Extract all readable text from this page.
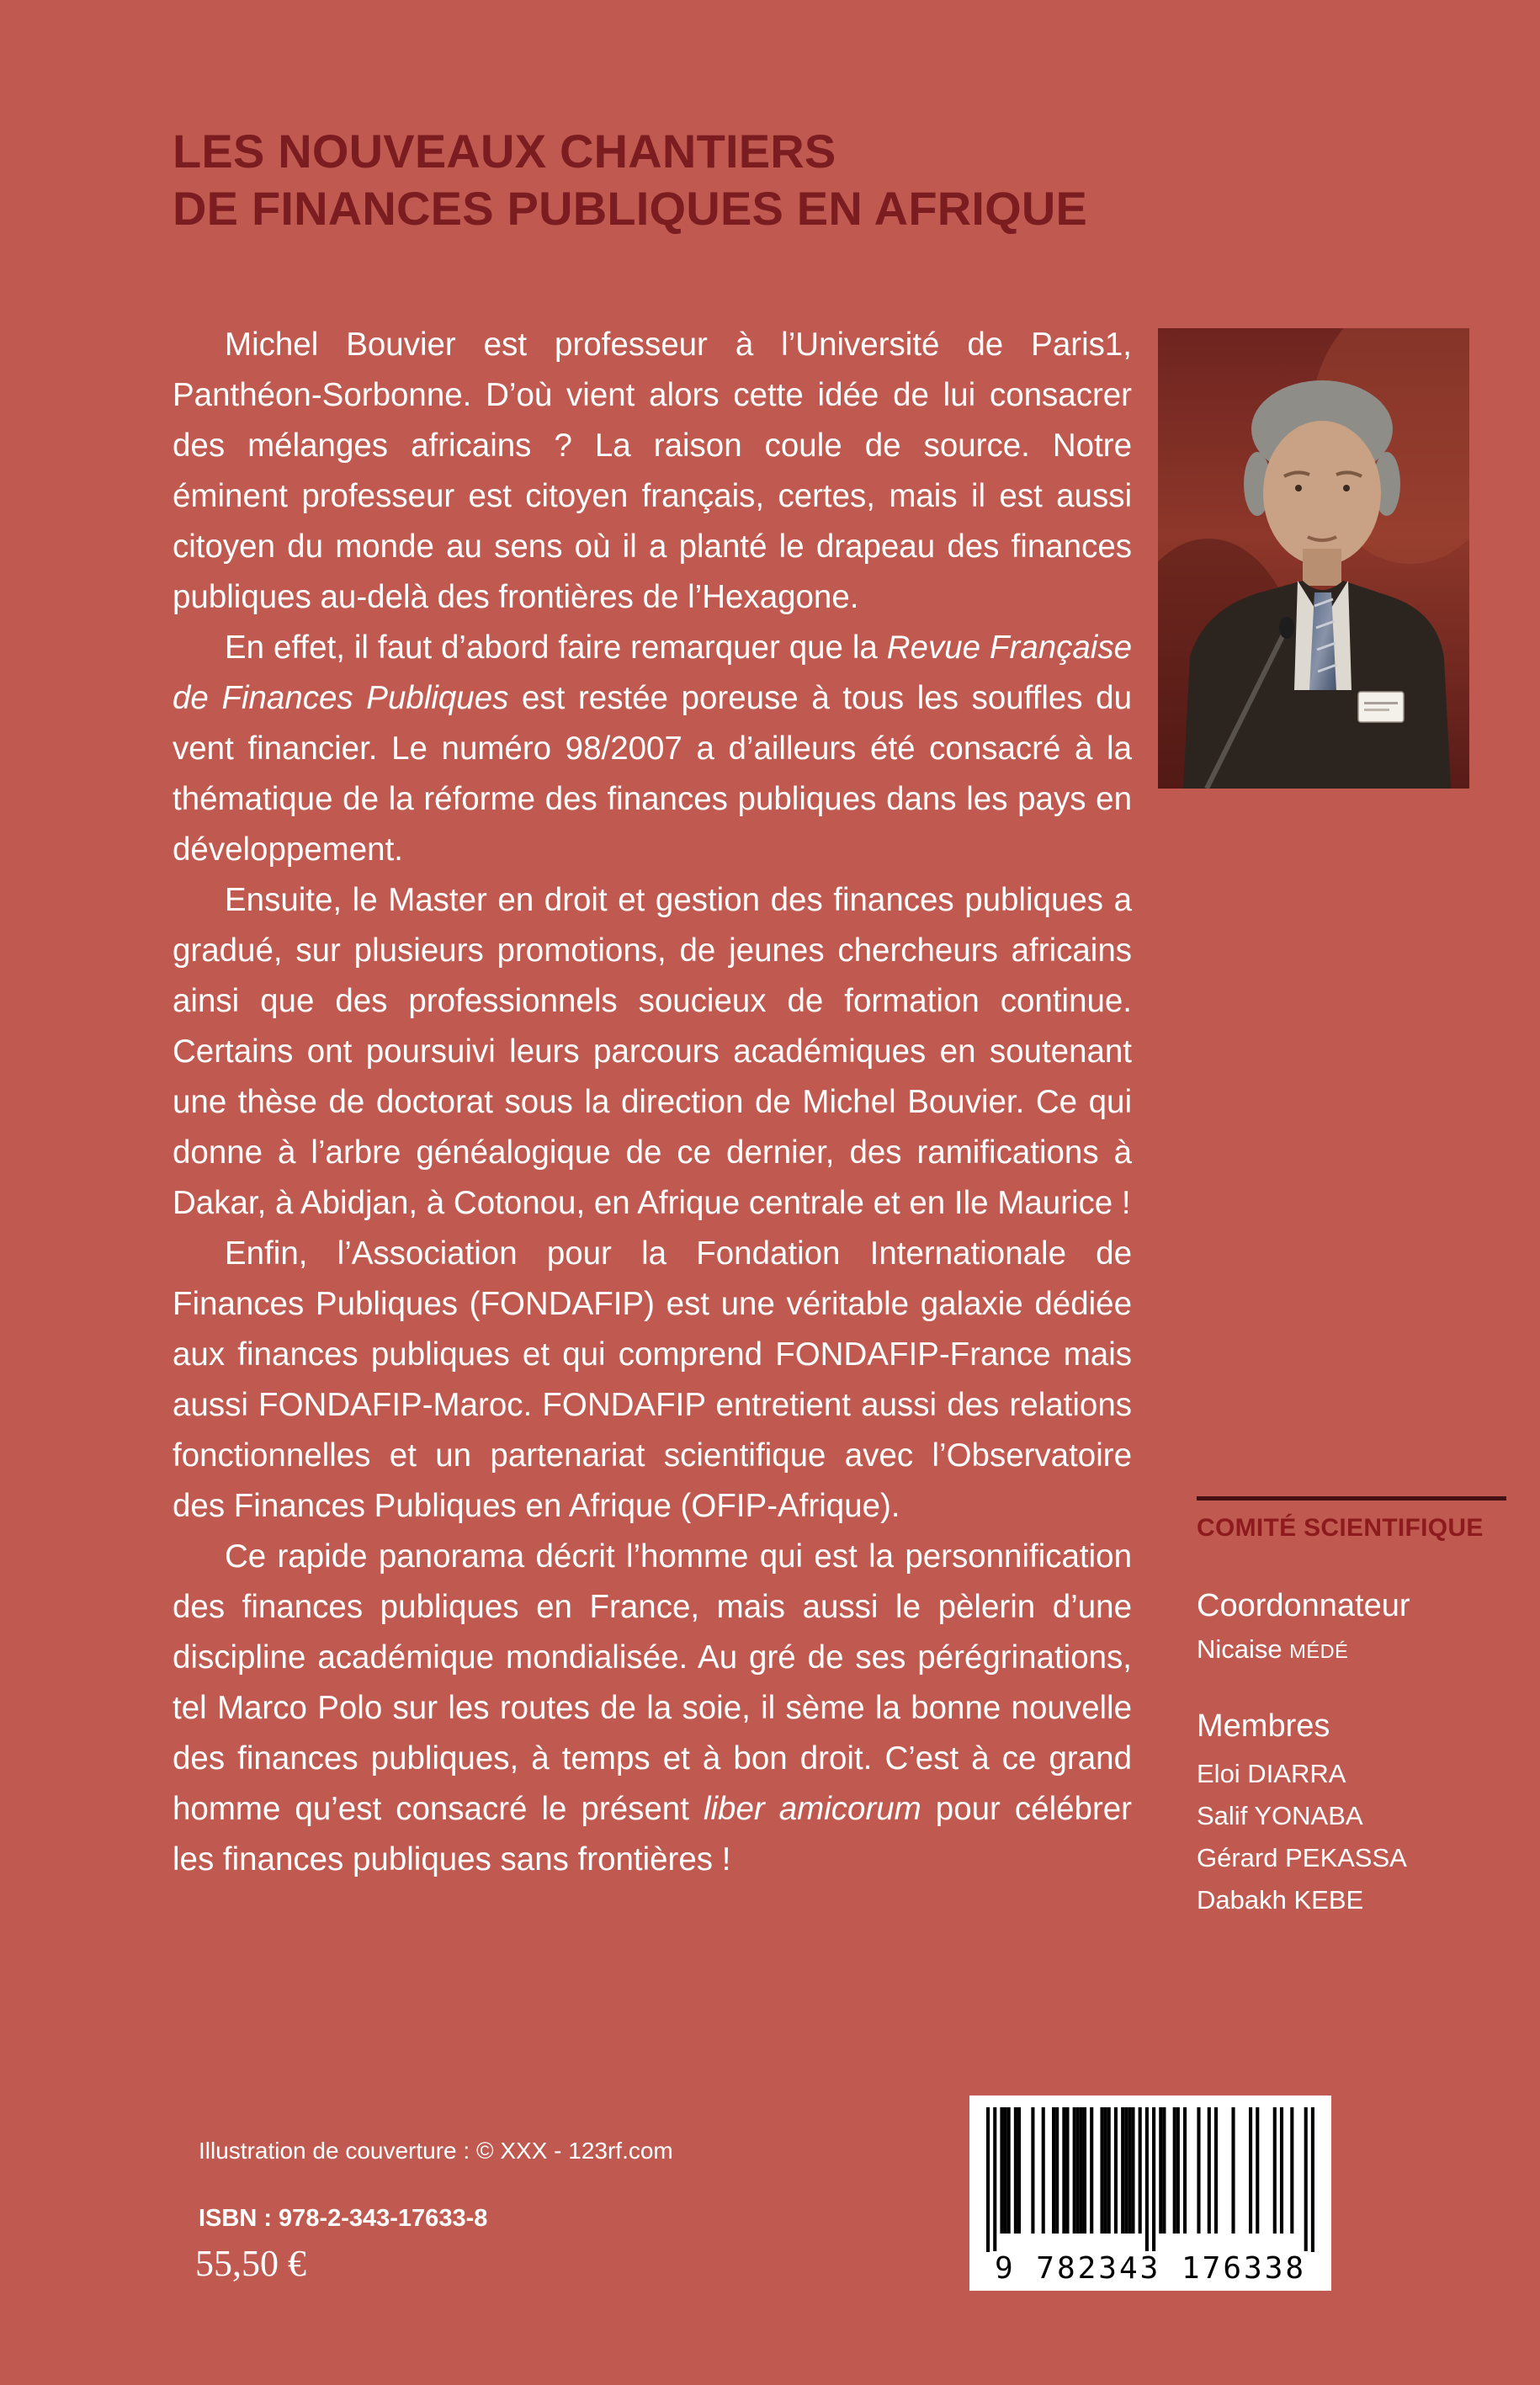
LES NOUVEAUX CHANTIERS
DE FINANCES PUBLIQUES EN AFRIQUE

Michel Bouvier est professeur à l’Université de Paris1, Panthéon-Sorbonne. D’où vient alors cette idée de lui consacrer des mélanges africains ? La raison coule de source. Notre éminent professeur est citoyen français, certes, mais il est aussi citoyen du monde au sens où il a planté le drapeau des finances publiques au-delà des frontières de l’Hexagone.

En effet, il faut d’abord faire remarquer que la Revue Française de Finances Publiques est restée poreuse à tous les souffles du vent financier. Le numéro 98/2007 a d’ailleurs été consacré à la thématique de la réforme des finances publiques dans les pays en développement.

Ensuite, le Master en droit et gestion des finances publiques a gradué, sur plusieurs promotions, de jeunes chercheurs africains ainsi que des professionnels soucieux de formation continue. Certains ont poursuivi leurs parcours académiques en soutenant une thèse de doctorat sous la direction de Michel Bouvier. Ce qui donne à l’arbre généalogique de ce dernier, des ramifications à Dakar, à Abidjan, à Cotonou, en Afrique centrale et en Ile Maurice !

Enfin, l’Association pour la Fondation Internationale de Finances Publiques (FONDAFIP) est une véritable galaxie dédiée aux finances publiques et qui comprend FONDAFIP-France mais aussi FONDAFIP-Maroc. FONDAFIP entretient aussi des relations fonctionnelles et un partenariat scientifique avec l’Observatoire des Finances Publiques en Afrique (OFIP-Afrique).

Ce rapide panorama décrit l’homme qui est la personnification des finances publiques en France, mais aussi le pèlerin d’une discipline académique mondialisée. Au gré de ses pérégrinations, tel Marco Polo sur les routes de la soie, il sème la bonne nouvelle des finances publiques, à temps et à bon droit. C’est à ce grand homme qu’est consacré le présent liber amicorum pour célébrer les finances publiques sans frontières !

COMITÉ SCIENTIFIQUE
Coordonnateur
Nicaise MÉDÉ
Membres
Eloi DIARRA
Salif YONABA
Gérard PEKASSA
Dabakh KEBE
Illustration de couverture : © XXX - 123rf.com
ISBN : 978-2-343-17633-8
55,50 €	9 782343 176338
